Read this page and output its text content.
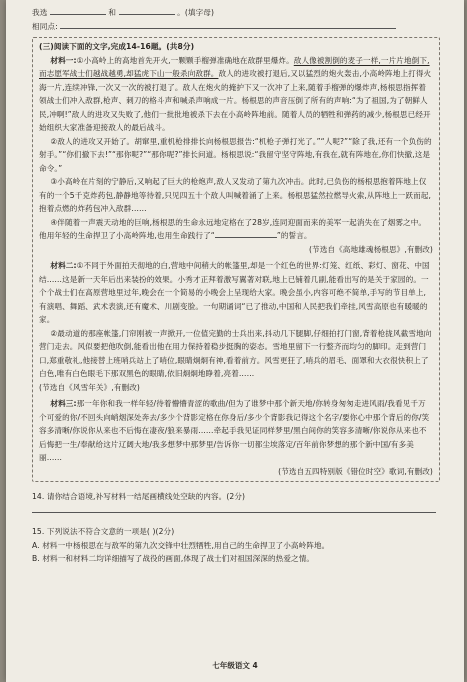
我选	和	。(填字母)

相同点:

(三)阅读下面的文字,完成14-16题。(共8分)

材料一:①小高岭上的高地首先开火,一颗颗手榴弹准确地在敌群里爆炸。敌人像被割倒的麦子一样,一片片地倒下,而志愿军战士们越战越勇,却猛虎下山一般杀向敌群。敌人的进攻被打退后,又以猛烈的炮火轰击,小高岭阵地上打得火海一片,连续冲锋,一次又一次的被打退了。敌人在炮火的掩护下又一次冲了上来,随着手榴弹的爆炸声,杨根思指挥着领战士们冲入敌群,枪声、刺刀的格斗声和喊杀声响成一片。杨根思的声音压倒了所有的声响:“为了祖国,为了朝鲜人民,冲啊!”敌人的进攻又失败了,他们一批批地被杀下去在小高岭阵地前。随着人员的牺牲和弹药的减少,杨根思已经开始组织大家准备迎接敌人的最后战斗。

②敌人的进攻又开始了。胡窜里,重机枪排排长向杨根思报告:“机枪子弹打光了。”“人呢?”“除了我,还有一个负伤的射手。”“你们撤下去!”“那你呢?”“那你呢?”排长问道。杨根思说:“我留守坚守阵地,有我在,就有阵地在,你们快撤,这是命令。”

③小高岭在片刻的宁静后,又响起了巨大的枪炮声,敌人又发动了第九次冲击。此时,已负伤的杨根思抱着阵地上仅有的一个5千克炸药包,静静地等待着,只见四五十个敌人叫喊着涌了上来。杨根思猛然拉燃导火索,从阵地上一跃而起,抱着点燃的炸药包冲入敌群……

④伴随着一声震天动地的巨响,杨根思的生命永远地定格在了28岁,连同迎面而来的美军一起消失在了烟雾之中。他用年轻的生命捍卫了小高岭阵地,也用生命践行了“	”的誓言。

(节选自《高地雄魂杨根思》,有删改)

材料二:①不同于外面拍天彻地的白,营地中间稍大的帐篷里,却是一个红色的世界:灯笼、红纸、彩灯、窗花、中国结……这是新一天年后出来装扮的效果。小秀才正拜着激写翼著对联,地上已铺着几副,能看出写的是关于家园的。一个个战士们在高原营地里过年,晚会在一个简易的小晚会上呈现给大家。晚会虽小,内容可绝不简单,手写的节目单上,有演唱、舞蹈、武术表演,还有魔术、川剧变脸。一句期诵词“已了推动,中国和人民把我们牵挂,风雪高原也有暖暖的家。

②最动道的那座帐篷,门帘刚被一声掀开,一位值完勤的士兵出来,抖动几下腿脚,仔细拍打门窗,背着枪拢风截雪地向营门走去。风似要把他吹倒,能看出他在用力保持着稳步挺胸的姿态。雪地里留下一行整齐而均匀的脚印。走到营门口,郑重敬礼,他接替上班哨兵站上了哨位,眼睛炯炯有神,看着前方。风雪更狂了,哨兵的眉毛、面罩和大衣很快积上了白色,唯有白色眼毛下那双黑色的眼睛,依旧炯炯地睁着,亮着……

(节选自《风雪年关》,有删改)

材料三:那一年你和我一样年轻/待着懵懵青涩的歌曲/但为了谁梦中那个新天地/你转身匆匆走进风雨/我看见千万个可爱的你/不回头向峭烟深处奔去/多少个背影定格在你身后/多少个背影我记得这个名字/要你心中那个背后的你/笑容多清晰/你说你从来也不后悔在凄夜/狼来暴雨……牵起手我见证同样梦里/黑白间你的笑容多清晰/你说你从来也不后悔把一生/奉献给这片辽阔大地/我多想梦中那梦里/告诉你一切都尘埃落定/百年前你梦想的那个新中国/有多美丽……

(节选自五四特别版《错位时空》歌词,有删改)

14. 请你结合语境,补写材料一结尾画横线处空缺的内容。(2分)

15. 下列说法不符合文意的一项是( )(2分)

A. 材料一中杨根思在与敌军的第九次交锋中壮烈牺牲,用自己的生命捍卫了小高岭阵地。

B. 材料一和材料二均详细描写了战役的画面,体现了战士们对祖国深深的热爱之情。

七年级语文 4
